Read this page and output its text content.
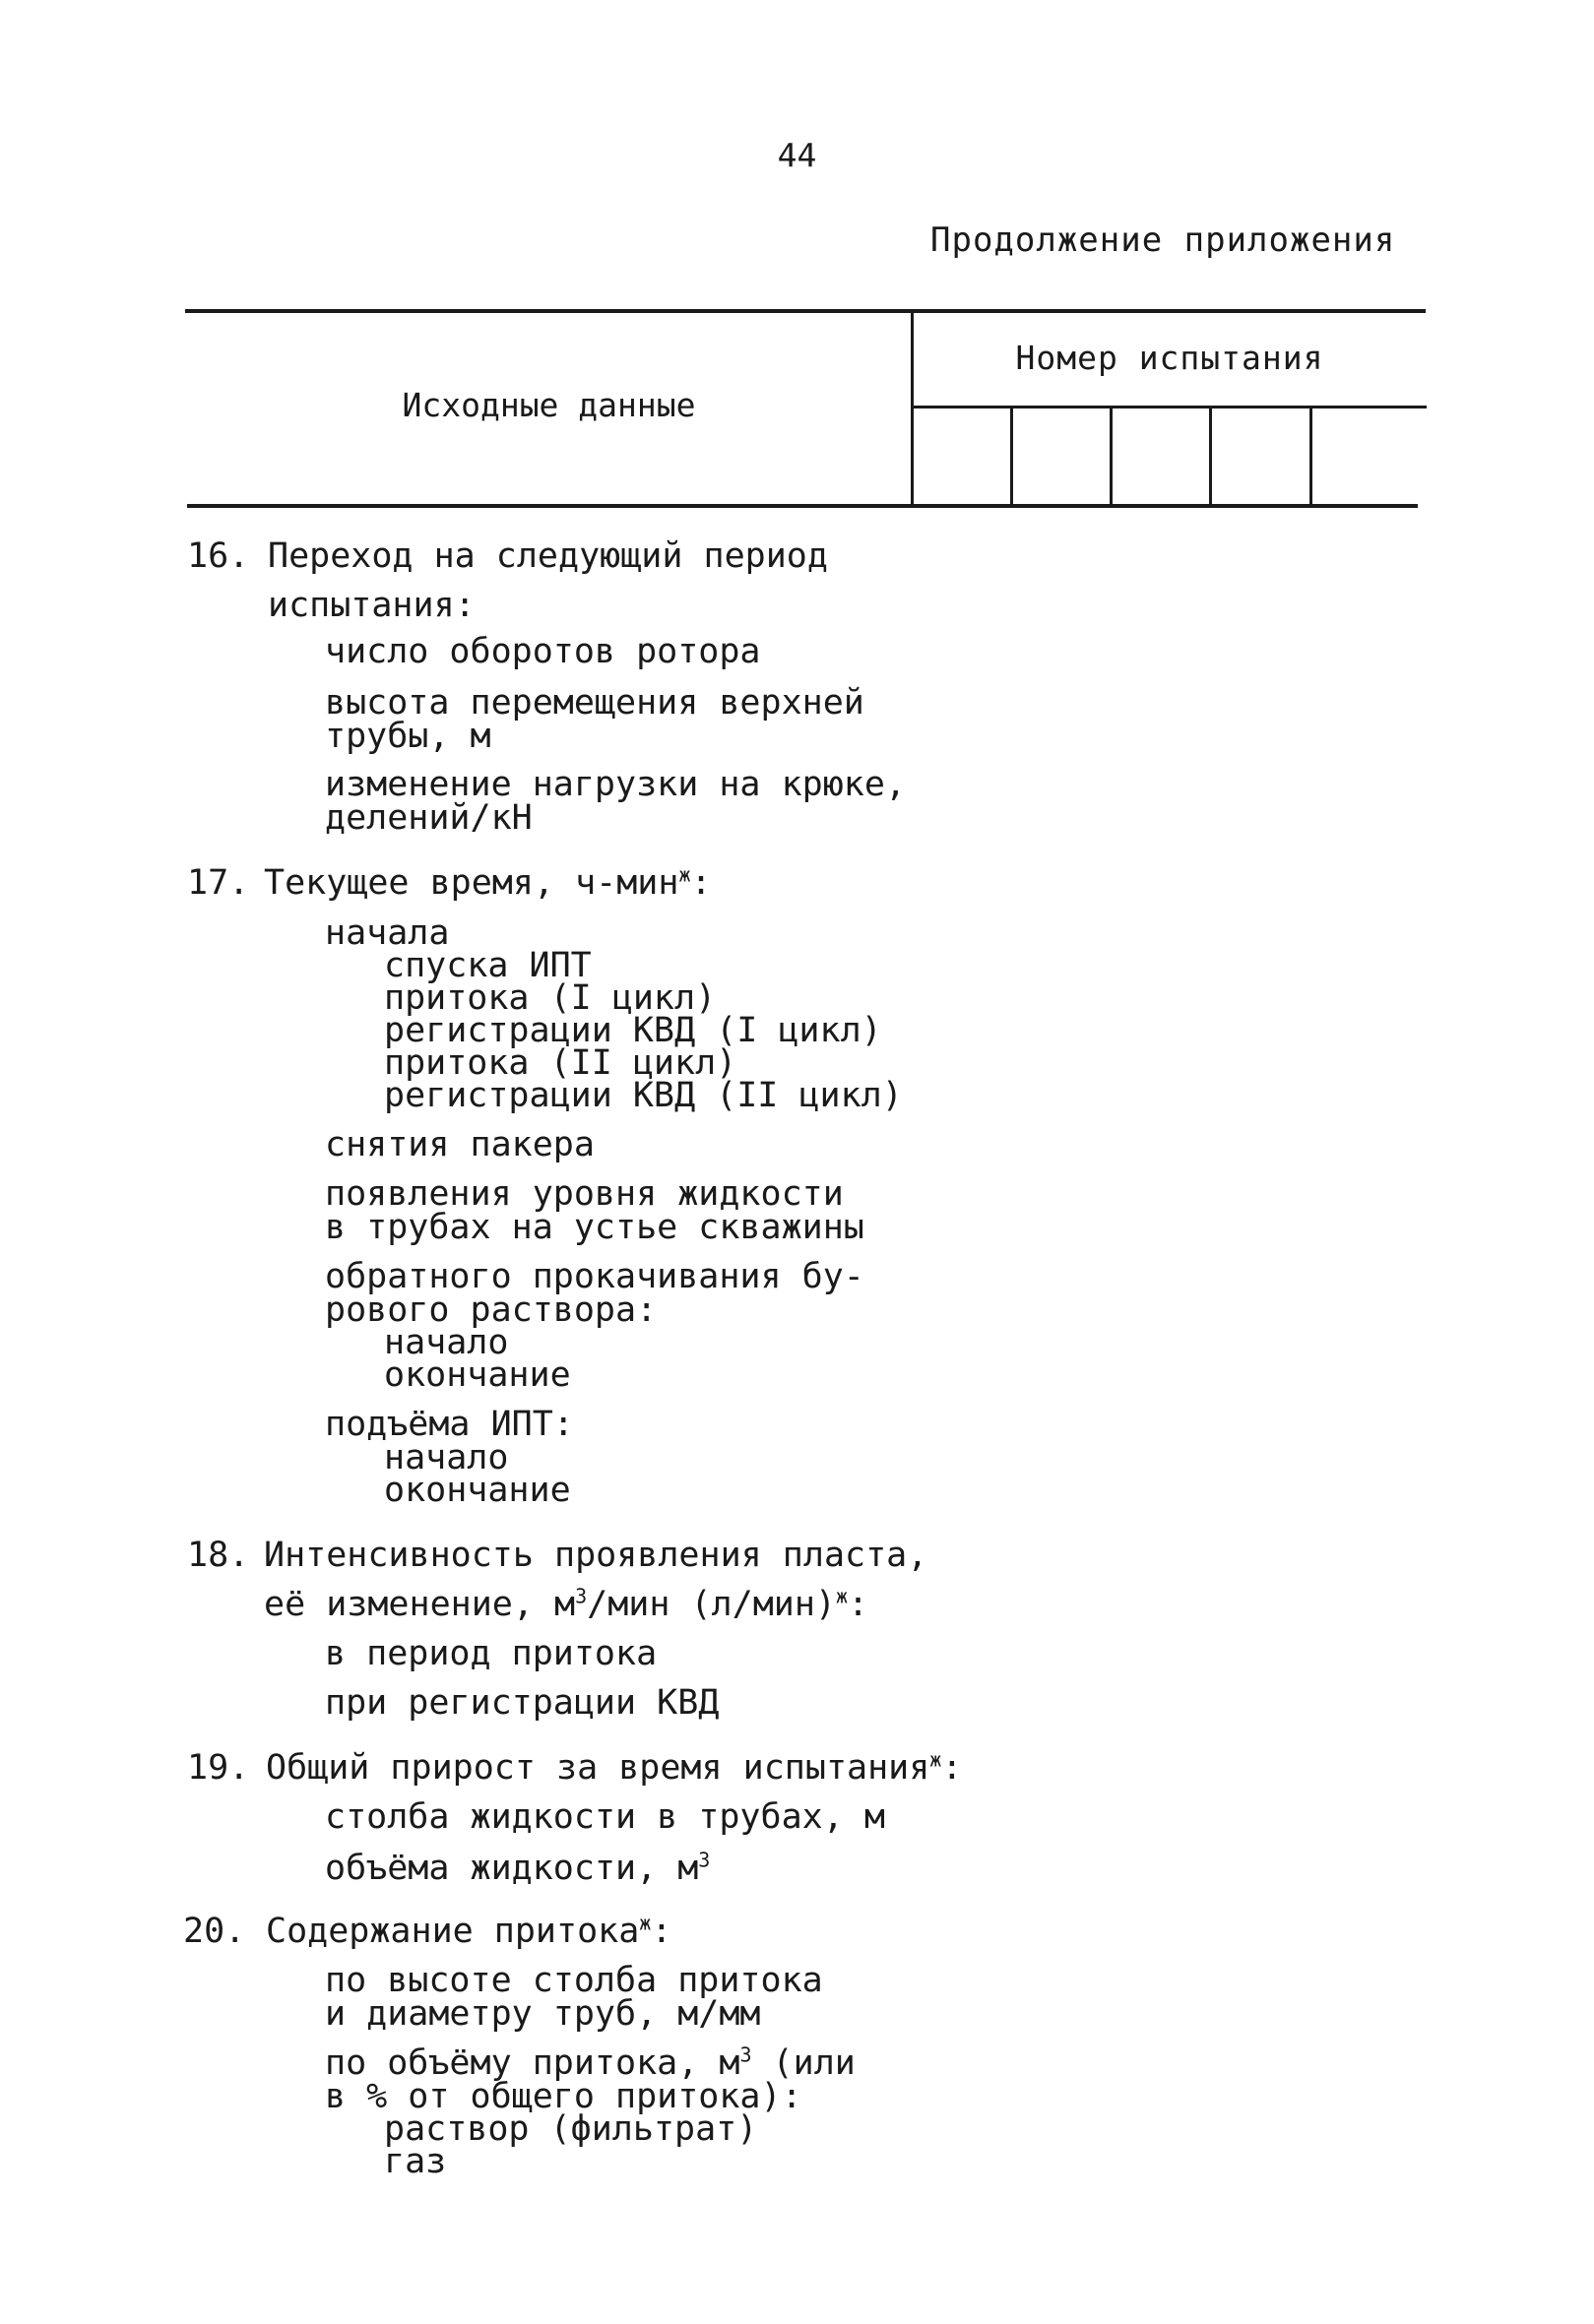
44
Продолжение приложения
Исходные данные
Номер испытания
16. Переход на следующий период
испытания:
число оборотов ротора
высота перемещения верхней
трубы, м
изменение нагрузки на крюке,
делений/кН
17. Текущее время, ч-мин$^ж$:
начала
спуска ИПТ
притока (I цикл)
регистрации КВД (I цикл)
притока (II цикл)
регистрации КВД (II цикл)
снятия пакера
появления уровня жидкости
в трубах на устье скважины
обратного прокачивания бу-
рового раствора:
начало
окончание
подъёма ИПТ:
начало
окончание
18. Интенсивность проявления пласта,
её изменение, $м^3$/мин $(л/мин)^ж$:
в период притока
при регистрации КВД
19. Общий прирост за время испытания$^ж$:
столба жидкости в трубах, м
объёма жидкости, $м^3$
20. Содержание притока$^ж$:
по высоте столба притока
и диаметру труб, м/мм
по объёму притока, $м^3$ (или
в % от общего притока):
раствор (фильтрат)
газ
